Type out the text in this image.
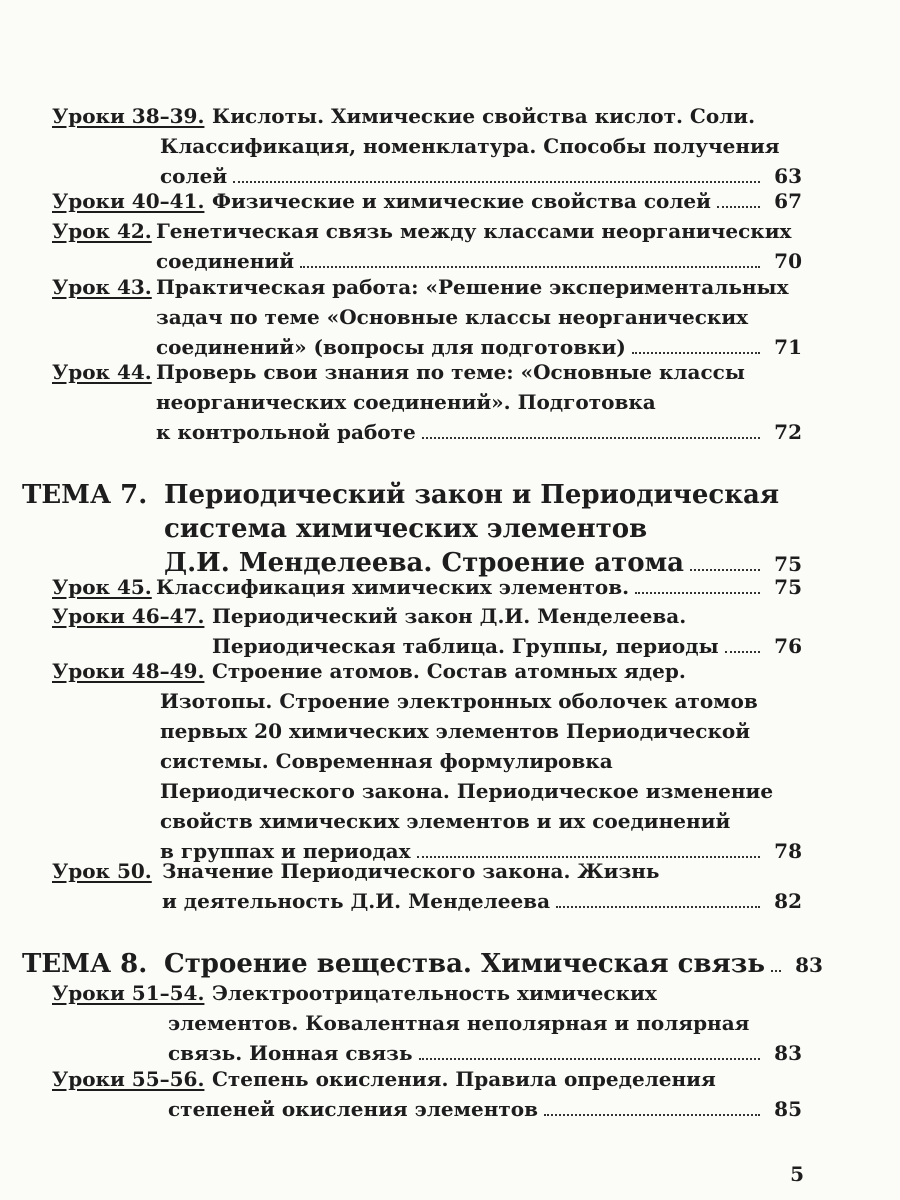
Уроки 38–39. Кислоты. Химические свойства кислот. Соли.
Классификация, номенклатура. Способы получения
солей	63
Уроки 40–41. Физические и химические свойства солей	67
Урок 42. Генетическая связь между классами неорганических
соединений	70
Урок 43. Практическая работа: «Решение экспериментальных
задач по теме «Основные классы неорганических
соединений» (вопросы для подготовки)	71
Урок 44. Проверь свои знания по теме: «Основные классы
неорганических соединений». Подготовка
к контрольной работе	72
ТЕМА 7. Периодический закон и Периодическая
система химических элементов
Д.И. Менделеева. Строение атома	75
Урок 45. Классификация химических элементов.	75
Уроки 46–47. Периодический закон Д.И. Менделеева.
Периодическая таблица. Группы, периоды	76
Уроки 48–49. Строение атомов. Состав атомных ядер.
Изотопы. Строение электронных оболочек атомов
первых 20 химических элементов Периодической
системы. Современная формулировка
Периодического закона. Периодическое изменение
свойств химических элементов и их соединений
в группах и периодах	78
Урок 50. Значение Периодического закона. Жизнь
и деятельность Д.И. Менделеева	82
ТЕМА 8. Строение вещества. Химическая связь	83
Уроки 51–54. Электроотрицательность химических
элементов. Ковалентная неполярная и полярная
связь. Ионная связь	83
Уроки 55–56. Степень окисления. Правила определения
степеней окисления элементов	85
5
